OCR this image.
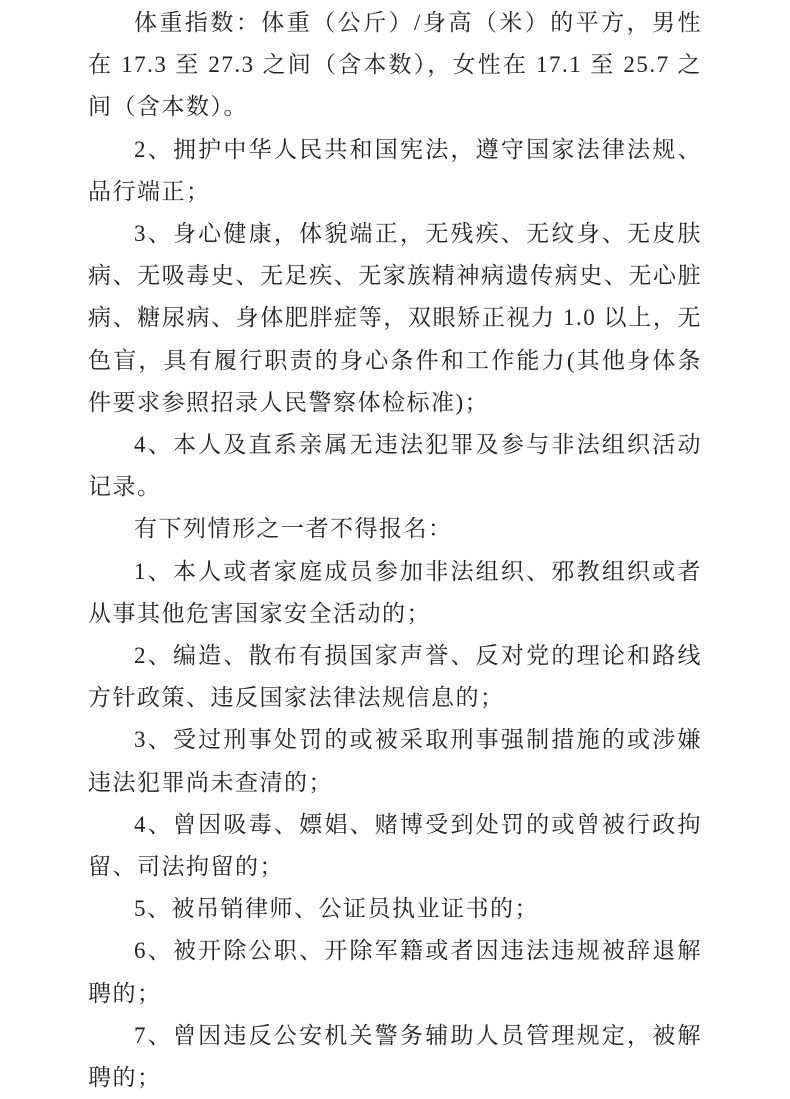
体重指数：体重（公斤）/身高（米）的平方，男性在 17.3 至 27.3 之间（含本数），女性在 17.1 至 25.7 之间（含本数）。

2、拥护中华人民共和国宪法，遵守国家法律法规、品行端正；

3、身心健康，体貌端正，无残疾、无纹身、无皮肤病、无吸毒史、无足疾、无家族精神病遗传病史、无心脏病、糖尿病、身体肥胖症等，双眼矫正视力 1.0 以上，无色盲，具有履行职责的身心条件和工作能力(其他身体条件要求参照招录人民警察体检标准)；

4、本人及直系亲属无违法犯罪及参与非法组织活动记录。

有下列情形之一者不得报名：

1、本人或者家庭成员参加非法组织、邪教组织或者从事其他危害国家安全活动的；

2、编造、散布有损国家声誉、反对党的理论和路线方针政策、违反国家法律法规信息的；

3、受过刑事处罚的或被采取刑事强制措施的或涉嫌违法犯罪尚未查清的；

4、曾因吸毒、嫖娼、赌博受到处罚的或曾被行政拘留、司法拘留的；

5、被吊销律师、公证员执业证书的；

6、被开除公职、开除军籍或者因违法违规被辞退解聘的；

7、曾因违反公安机关警务辅助人员管理规定，被解聘的；
